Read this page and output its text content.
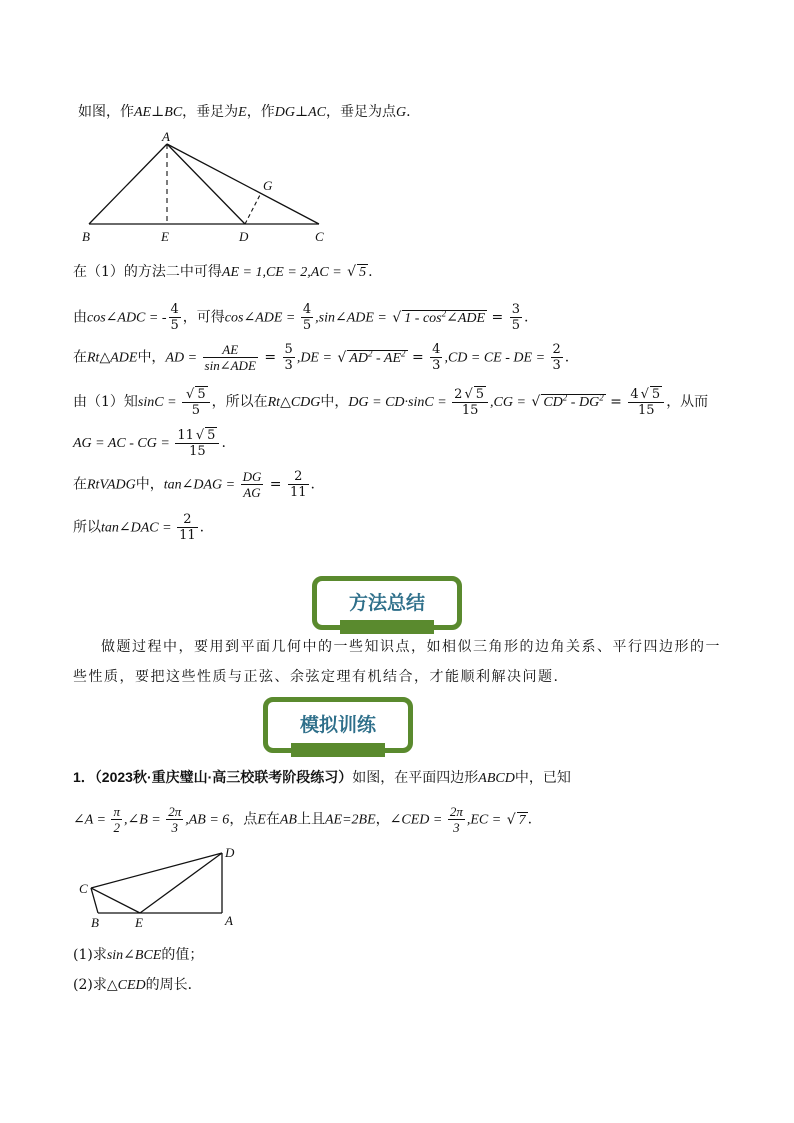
如图，作AE⊥BC，垂足为E，作DG⊥AC，垂足为点G.
A
G
B	E	D	C
在（1）的方法二中可得AE = 1,CE = 2,AC = √ 5 .
由cos∠ADC = - $\frac{4}{5}$ ，可得cos∠ADE = $\frac{4}{5}$ ,sin∠ADE = √ $1 - \cos^2\angle ADE = \frac{3}{5}$ .
在Rt△ADE中，AD = $\frac{AE}{\text{sin∠ADE}} = \frac{5}{3} ,DE$ = √ $AD^2 - AE^2 = \frac{4}{3} ,CD$ = CE - DE = $\frac{2}{3}$ .
由（1）知$\sin C = \frac{√ 5}{5}$ ，所以在Rt△CDG中，DG = $CD\cdot\sin C = \frac{2 √ 5}{15} ,CG$ = √ $CD^2 - DG^2 = \frac{4 √ 5}{15}$ ，从而
AG = AC - CG = $\frac{11 √ 5}{15}$ .
在RtVADG中，tan∠DAG = $\frac{DG}{AG} = \frac{2}{11}$ .
所以tan∠DAC = $\frac{2}{11}$ .
方法总结
做题过程中，要用到平面几何中的一些知识点，如相似三角形的边角关系、平行四边形的一些性质，要把这些性质与正弦、余弦定理有机结合，才能顺利解决问题.
模拟训练
1．（2023秋·重庆璧山·高三校联考阶段练习）如图，在平面四边形ABCD中，已知
∠A = $\frac{\pi}{2}$ ,∠B = $\frac{2\pi}{3} ,AB = 6$，点E在AB上且AE=2BE，∠CED = $\frac{2\pi}{3} ,EC$ = √ 7 .
C
D
B	E	A
(1)求sin∠BCE的值；
(2)求△CED的周长．
